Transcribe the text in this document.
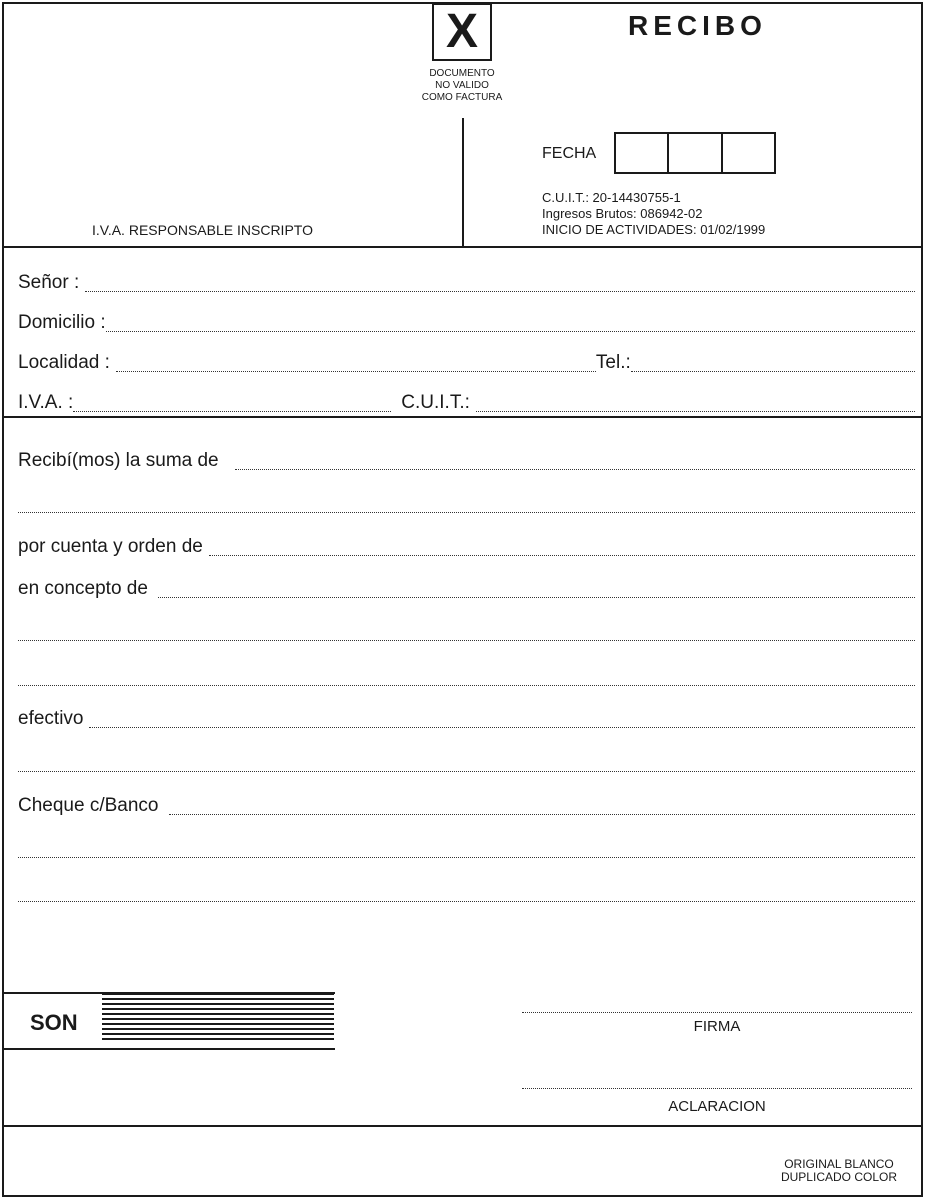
X
DOCUMENTO
NO VALIDO
COMO FACTURA
RECIBO
FECHA
C.U.I.T.: 20-14430755-1
Ingresos Brutos: 086942-02
INICIO DE ACTIVIDADES: 01/02/1999
I.V.A. RESPONSABLE INSCRIPTO
Señor :
Domicilio :
Localidad :	Tel.:
I.V.A. :	C.U.I.T.:
Recibí(mos) la suma de
por cuenta y orden de
en concepto de
efectivo
Cheque c/Banco
SON	FIRMA
ACLARACION
ORIGINAL BLANCO
DUPLICADO COLOR
